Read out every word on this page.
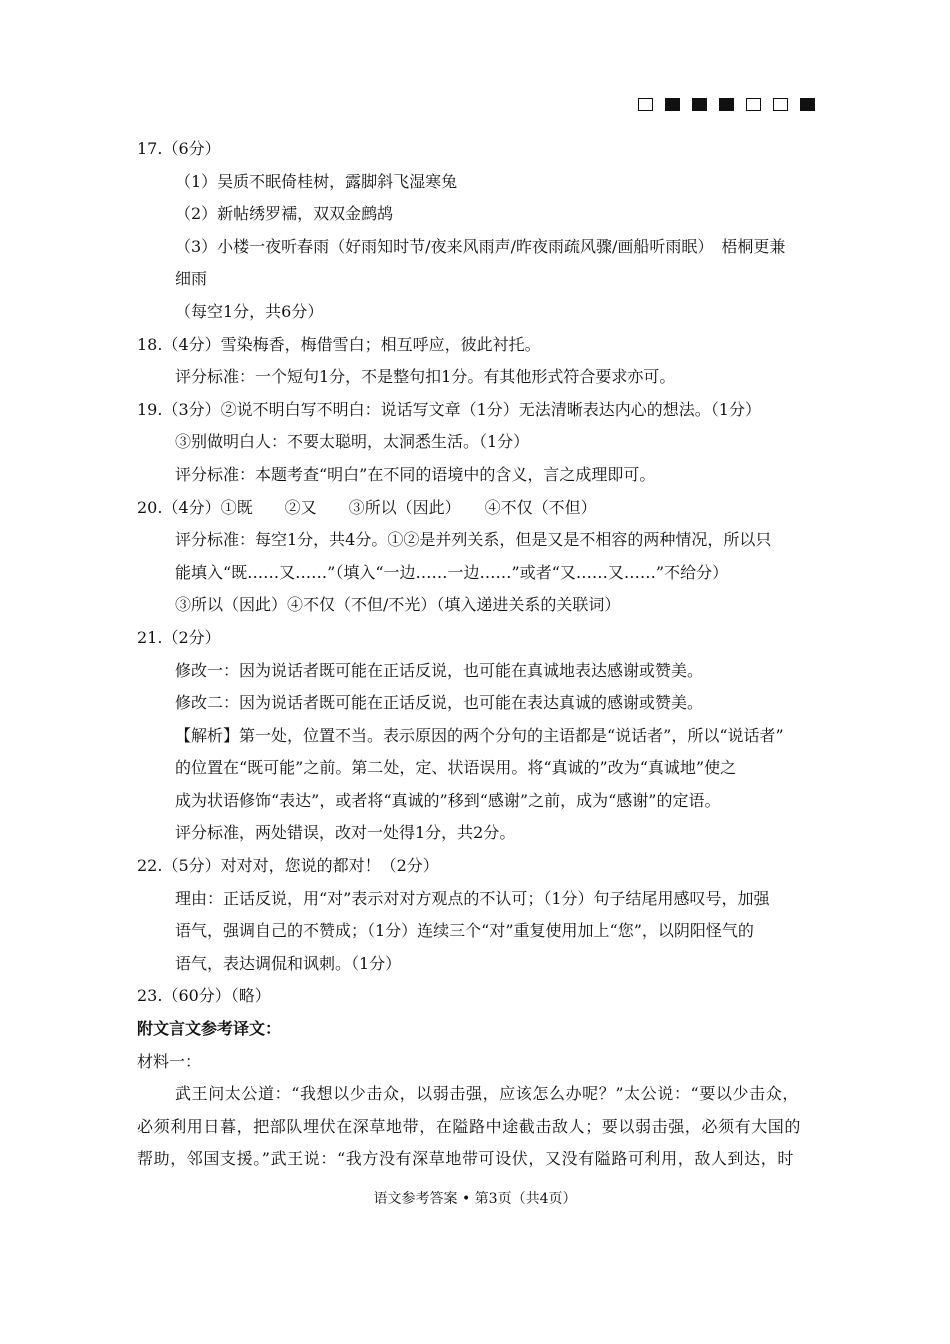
17.（6分）
（1）吴质不眠倚桂树，露脚斜飞湿寒兔
（2）新帖绣罗襦，双双金鹧鸪
（3）小楼一夜听春雨（好雨知时节/夜来风雨声/昨夜雨疏风骤/画船听雨眠）　梧桐更兼
细雨
（每空1分，共6分）
18.（4分）雪染梅香，梅借雪白；相互呼应，彼此衬托。
评分标准：一个短句1分，不是整句扣1分。有其他形式符合要求亦可。
19.（3分）②说不明白写不明白：说话写文章（1分）无法清晰表达内心的想法。（1分）
③别做明白人：不要太聪明，太洞悉生活。（1分）
评分标准：本题考查“明白”在不同的语境中的含义，言之成理即可。
20.（4分）①既　　②又　　③所以（因此）　　④不仅（不但）
评分标准：每空1分，共4分。①②是并列关系，但是又是不相容的两种情况，所以只
能填入“既……又……”（填入“一边……一边……”或者“又……又……”不给分）
③所以（因此）④不仅（不但/不光）（填入递进关系的关联词）
21.（2分）
修改一：因为说话者既可能在正话反说，也可能在真诚地表达感谢或赞美。
修改二：因为说话者既可能在正话反说，也可能在表达真诚的感谢或赞美。
【解析】第一处，位置不当。表示原因的两个分句的主语都是“说话者”，所以“说话者”
的位置在“既可能”之前。第二处，定、状语误用。将“真诚的”改为“真诚地”使之
成为状语修饰“表达”，或者将“真诚的”移到“感谢”之前，成为“感谢”的定语。
评分标准，两处错误，改对一处得1分，共2分。
22.（5分）对对对，您说的都对！（2分）
理由：正话反说，用“对”表示对对方观点的不认可；（1分）句子结尾用感叹号，加强
语气，强调自己的不赞成；（1分）连续三个“对”重复使用加上“您”，以阴阳怪气的
语气，表达调侃和讽刺。（1分）
23.（60分）（略）
附文言文参考译文：
材料一：
武王问太公道：“我想以少击众，以弱击强，应该怎么办呢？”太公说：“要以少击众，
必须利用日暮，把部队埋伏在深草地带，在隘路中途截击敌人；要以弱击强，必须有大国的
帮助，邻国支援。”武王说：“我方没有深草地带可设伏，又没有隘路可利用，敌人到达，时
语文参考答案 • 第3页（共4页）
